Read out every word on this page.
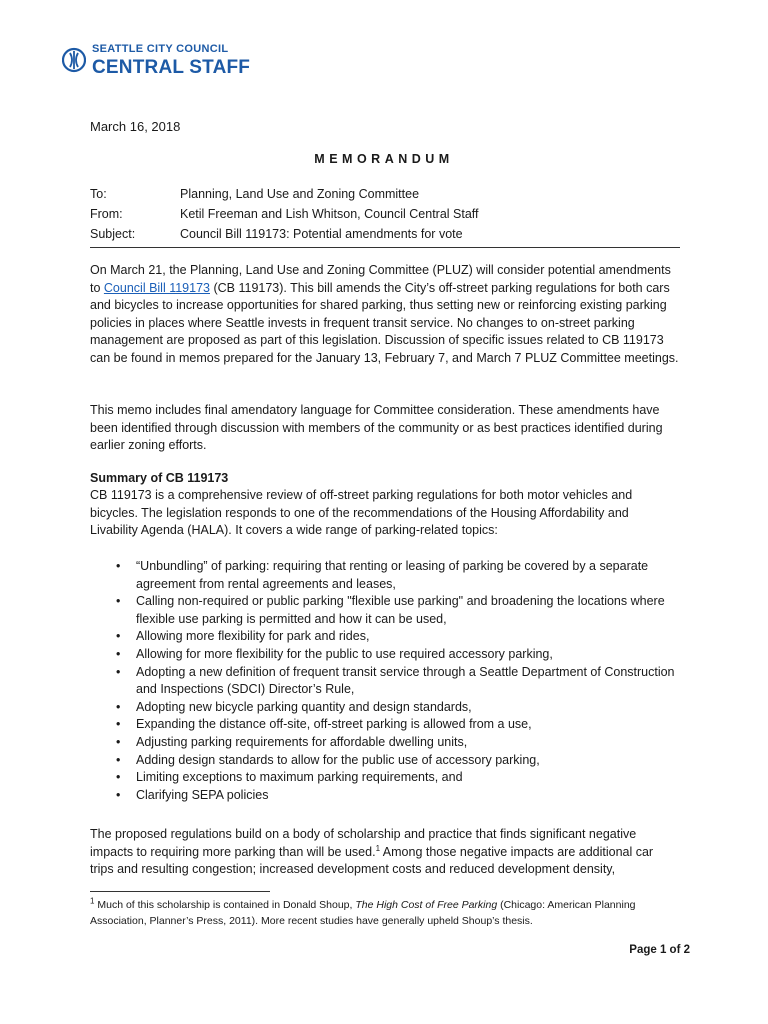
SEATTLE CITY COUNCIL
CENTRAL STAFF
March 16, 2018
MEMORANDUM
To:	Planning, Land Use and Zoning Committee
From:	Ketil Freeman and Lish Whitson, Council Central Staff
Subject:	Council Bill 119173: Potential amendments for vote
On March 21, the Planning, Land Use and Zoning Committee (PLUZ) will consider potential amendments to Council Bill 119173 (CB 119173). This bill amends the City’s off-street parking regulations for both cars and bicycles to increase opportunities for shared parking, thus setting new or reinforcing existing parking policies in places where Seattle invests in frequent transit service. No changes to on-street parking management are proposed as part of this legislation. Discussion of specific issues related to CB 119173 can be found in memos prepared for the January 13, February 7, and March 7 PLUZ Committee meetings.
This memo includes final amendatory language for Committee consideration. These amendments have been identified through discussion with members of the community or as best practices identified during earlier zoning efforts.
Summary of CB 119173
CB 119173 is a comprehensive review of off-street parking regulations for both motor vehicles and bicycles. The legislation responds to one of the recommendations of the Housing Affordability and Livability Agenda (HALA). It covers a wide range of parking-related topics:
• “Unbundling” of parking: requiring that renting or leasing of parking be covered by a separate agreement from rental agreements and leases,
• Calling non-required or public parking "flexible use parking" and broadening the locations where flexible use parking is permitted and how it can be used,
• Allowing more flexibility for park and rides,
• Allowing for more flexibility for the public to use required accessory parking,
• Adopting a new definition of frequent transit service through a Seattle Department of Construction and Inspections (SDCI) Director’s Rule,
• Adopting new bicycle parking quantity and design standards,
• Expanding the distance off-site, off-street parking is allowed from a use,
• Adjusting parking requirements for affordable dwelling units,
• Adding design standards to allow for the public use of accessory parking,
• Limiting exceptions to maximum parking requirements, and
• Clarifying SEPA policies
The proposed regulations build on a body of scholarship and practice that finds significant negative impacts to requiring more parking than will be used.$^1$ Among those negative impacts are additional car trips and resulting congestion; increased development costs and reduced development density,
$^1$ Much of this scholarship is contained in Donald Shoup, The High Cost of Free Parking (Chicago: American Planning Association, Planner’s Press, 2011). More recent studies have generally upheld Shoup’s thesis.
Page 1 of 2
